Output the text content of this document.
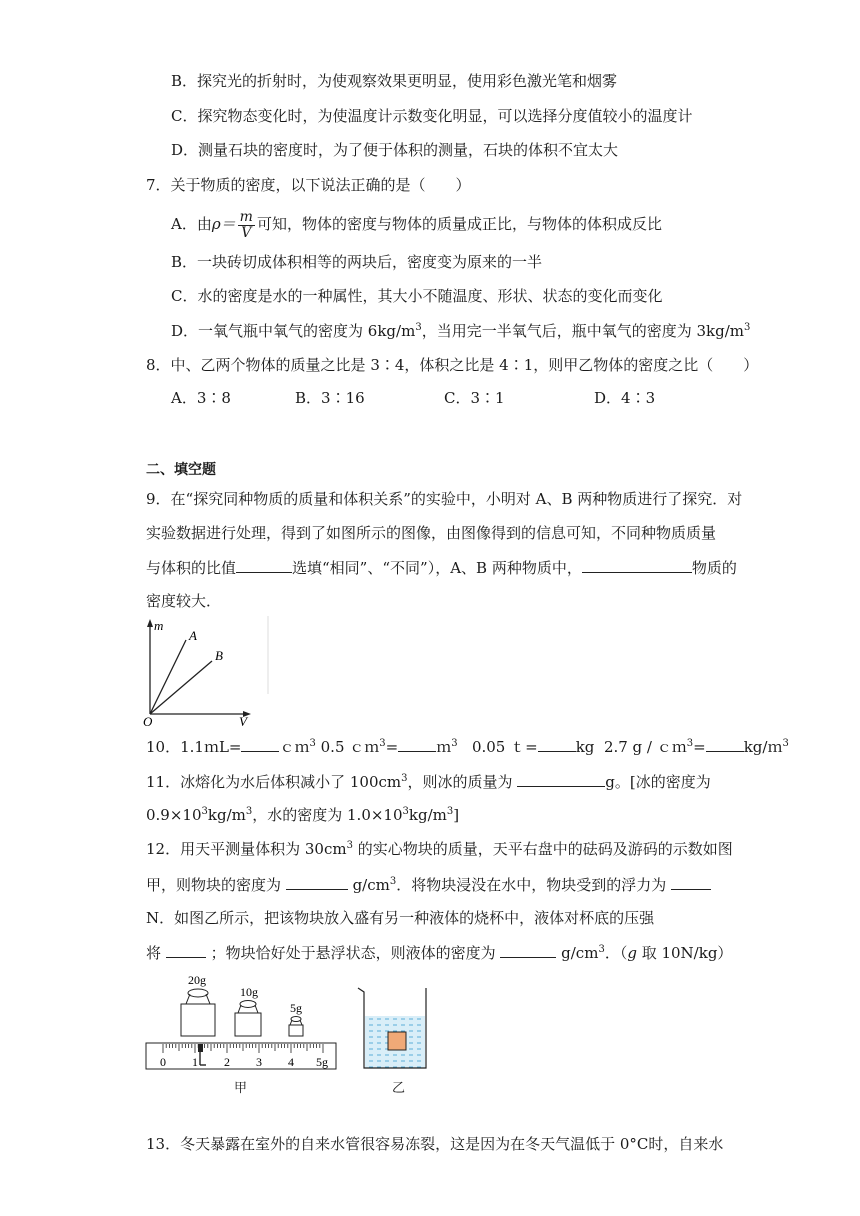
B．探究光的折射时，为使观察效果更明显，使用彩色激光笔和烟雾
C．探究物态变化时，为使温度计示数变化明显，可以选择分度值较小的温度计
D．测量石块的密度时，为了便于体积的测量，石块的体积不宜太大
7．关于物质的密度，以下说法正确的是（　　）
A．由$\rho= \frac{m}{V}$ 可知，物体的密度与物体的质量成正比，与物体的体积成反比
B．一块砖切成体积相等的两块后，密度变为原来的一半
C．水的密度是水的一种属性，其大小不随温度、形状、状态的变化而变化
D．一氧气瓶中氧气的密度为 $6kg/m^3$，当用完一半氧气后，瓶中氧气的密度为 $3kg/m^3$
8．中、乙两个物体的质量之比是 3∶4，体积之比是 4∶1，则甲乙物体的密度之比（　　）
A．3∶8	B．3∶16	C．3∶1	D．4∶3
二、填空题
9．在“探究同种物质的质量和体积关系”的实验中，小明对 A、B 两种物质进行了探究．对
实验数据进行处理，得到了如图所示的图像，由图像得到的信息可知，不同种物质质量
与体积的比值	选填“相同”、“不同”），A、B 两种物质中，	物质的
密度较大．
m
V
O
A
B
10．1.1ｍL=	ｃｍ$^3$ 0.5 ｃｍ$^3$=	ｍ$^3$ 0.05 ｔ=	kg 2.7 g / ｃｍ$^3$=	kg/ｍ$^3$
11．冰熔化为水后体积减小了 $100cm^3$，则冰的质量为	g。[冰的密度为
$0.9\times 10^3kg/m^3$，水的密度为 $1.0\times 10^3kg/m^3$]
12．用天平测量体积为 $30cm^3$ 的实心物块的质量，天平右盘中的砝码及游码的示数如图
甲，则物块的密度为	$g/cm^3$．将物块浸没在水中，物块受到的浮力为
N．如图乙所示，把该物块放入盛有另一种液体的烧杯中，液体对杯底的压强
将	；物块恰好处于悬浮状态，则液体的密度为	$g/cm^3$．（g 取 10N/kg）
20g
10g
5g
0 1 2 3 4 5g
甲	乙
13．冬天暴露在室外的自来水管很容易冻裂，这是因为在冬天气温低于 0°C时，自来水
